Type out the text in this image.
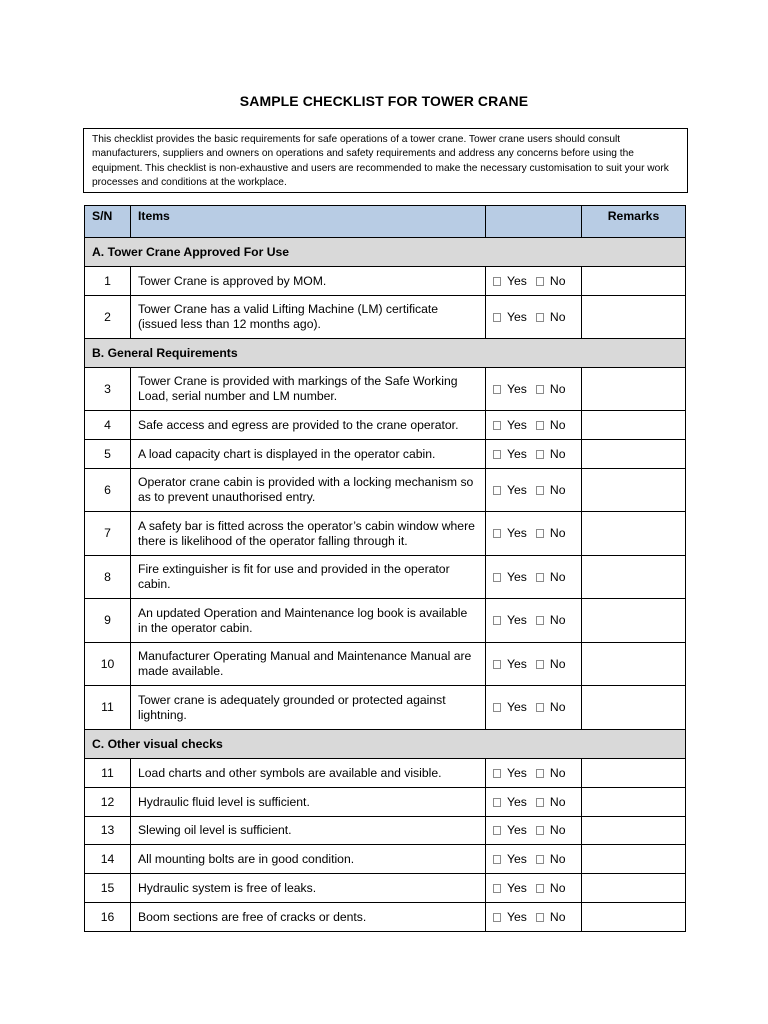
SAMPLE CHECKLIST FOR TOWER CRANE
This checklist provides the basic requirements for safe operations of a tower crane. Tower crane users should consult manufacturers, suppliers and owners on operations and safety requirements and address any concerns before using the equipment. This checklist is non-exhaustive and users are recommended to make the necessary customisation to suit your work processes and conditions at the workplace.
S/N	Items		Remarks
A. Tower Crane Approved For Use			
1	Tower Crane is approved by MOM.	Yes No	
2	Tower Crane has a valid Lifting Machine (LM) certificate (issued less than 12 months ago).	Yes No	
B. General Requirements			
3	Tower Crane is provided with markings of the Safe Working Load, serial number and LM number.	Yes No	
4	Safe access and egress are provided to the crane operator.	Yes No	
5	A load capacity chart is displayed in the operator cabin.	Yes No	
6	Operator crane cabin is provided with a locking mechanism so as to prevent unauthorised entry.	Yes No	
7	A safety bar is fitted across the operator’s cabin window where there is likelihood of the operator falling through it.	Yes No	
8	Fire extinguisher is fit for use and provided in the operator cabin.	Yes No	
9	An updated Operation and Maintenance log book is available in the operator cabin.	Yes No	
10	Manufacturer Operating Manual and Maintenance Manual are made available.	Yes No	
11	Tower crane is adequately grounded or protected against lightning.	Yes No	
C. Other visual checks			
11	Load charts and other symbols are available and visible.	Yes No	
12	Hydraulic fluid level is sufficient.	Yes No	
13	Slewing oil level is sufficient.	Yes No	
14	All mounting bolts are in good condition.	Yes No	
15	Hydraulic system is free of leaks.	Yes No	
16	Boom sections are free of cracks or dents.	Yes No	
